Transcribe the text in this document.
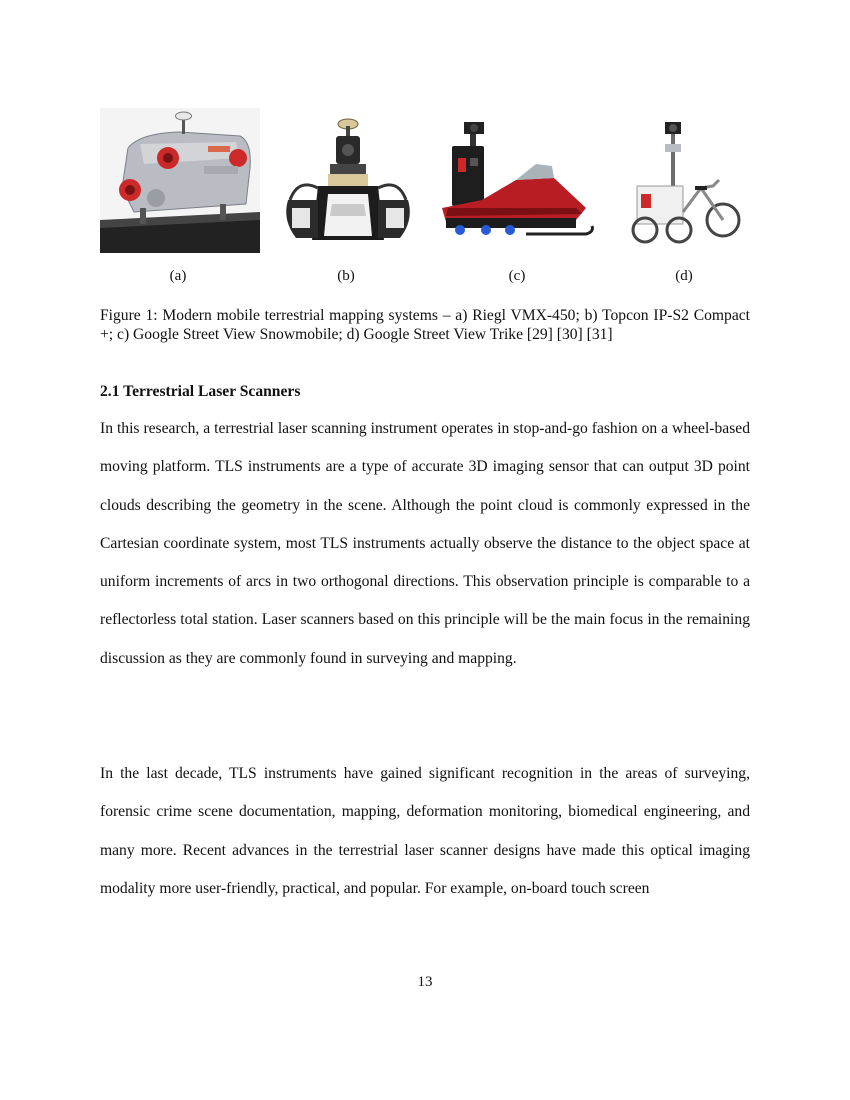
(a)	(b)	(c)	(d)
Figure 1: Modern mobile terrestrial mapping systems – a) Riegl VMX-450; b) Topcon IP-S2 Compact +; c) Google Street View Snowmobile; d) Google Street View Trike [29] [30] [31]
2.1 Terrestrial Laser Scanners

In this research, a terrestrial laser scanning instrument operates in stop-and-go fashion on a wheel-based moving platform. TLS instruments are a type of accurate 3D imaging sensor that can output 3D point clouds describing the geometry in the scene. Although the point cloud is commonly expressed in the Cartesian coordinate system, most TLS instruments actually observe the distance to the object space at uniform increments of arcs in two orthogonal directions. This observation principle is comparable to a reflectorless total station. Laser scanners based on this principle will be the main focus in the remaining discussion as they are commonly found in surveying and mapping.

In the last decade, TLS instruments have gained significant recognition in the areas of surveying, forensic crime scene documentation, mapping, deformation monitoring, biomedical engineering, and many more. Recent advances in the terrestrial laser scanner designs have made this optical imaging modality more user-friendly, practical, and popular. For example, on-board touch screen

13
